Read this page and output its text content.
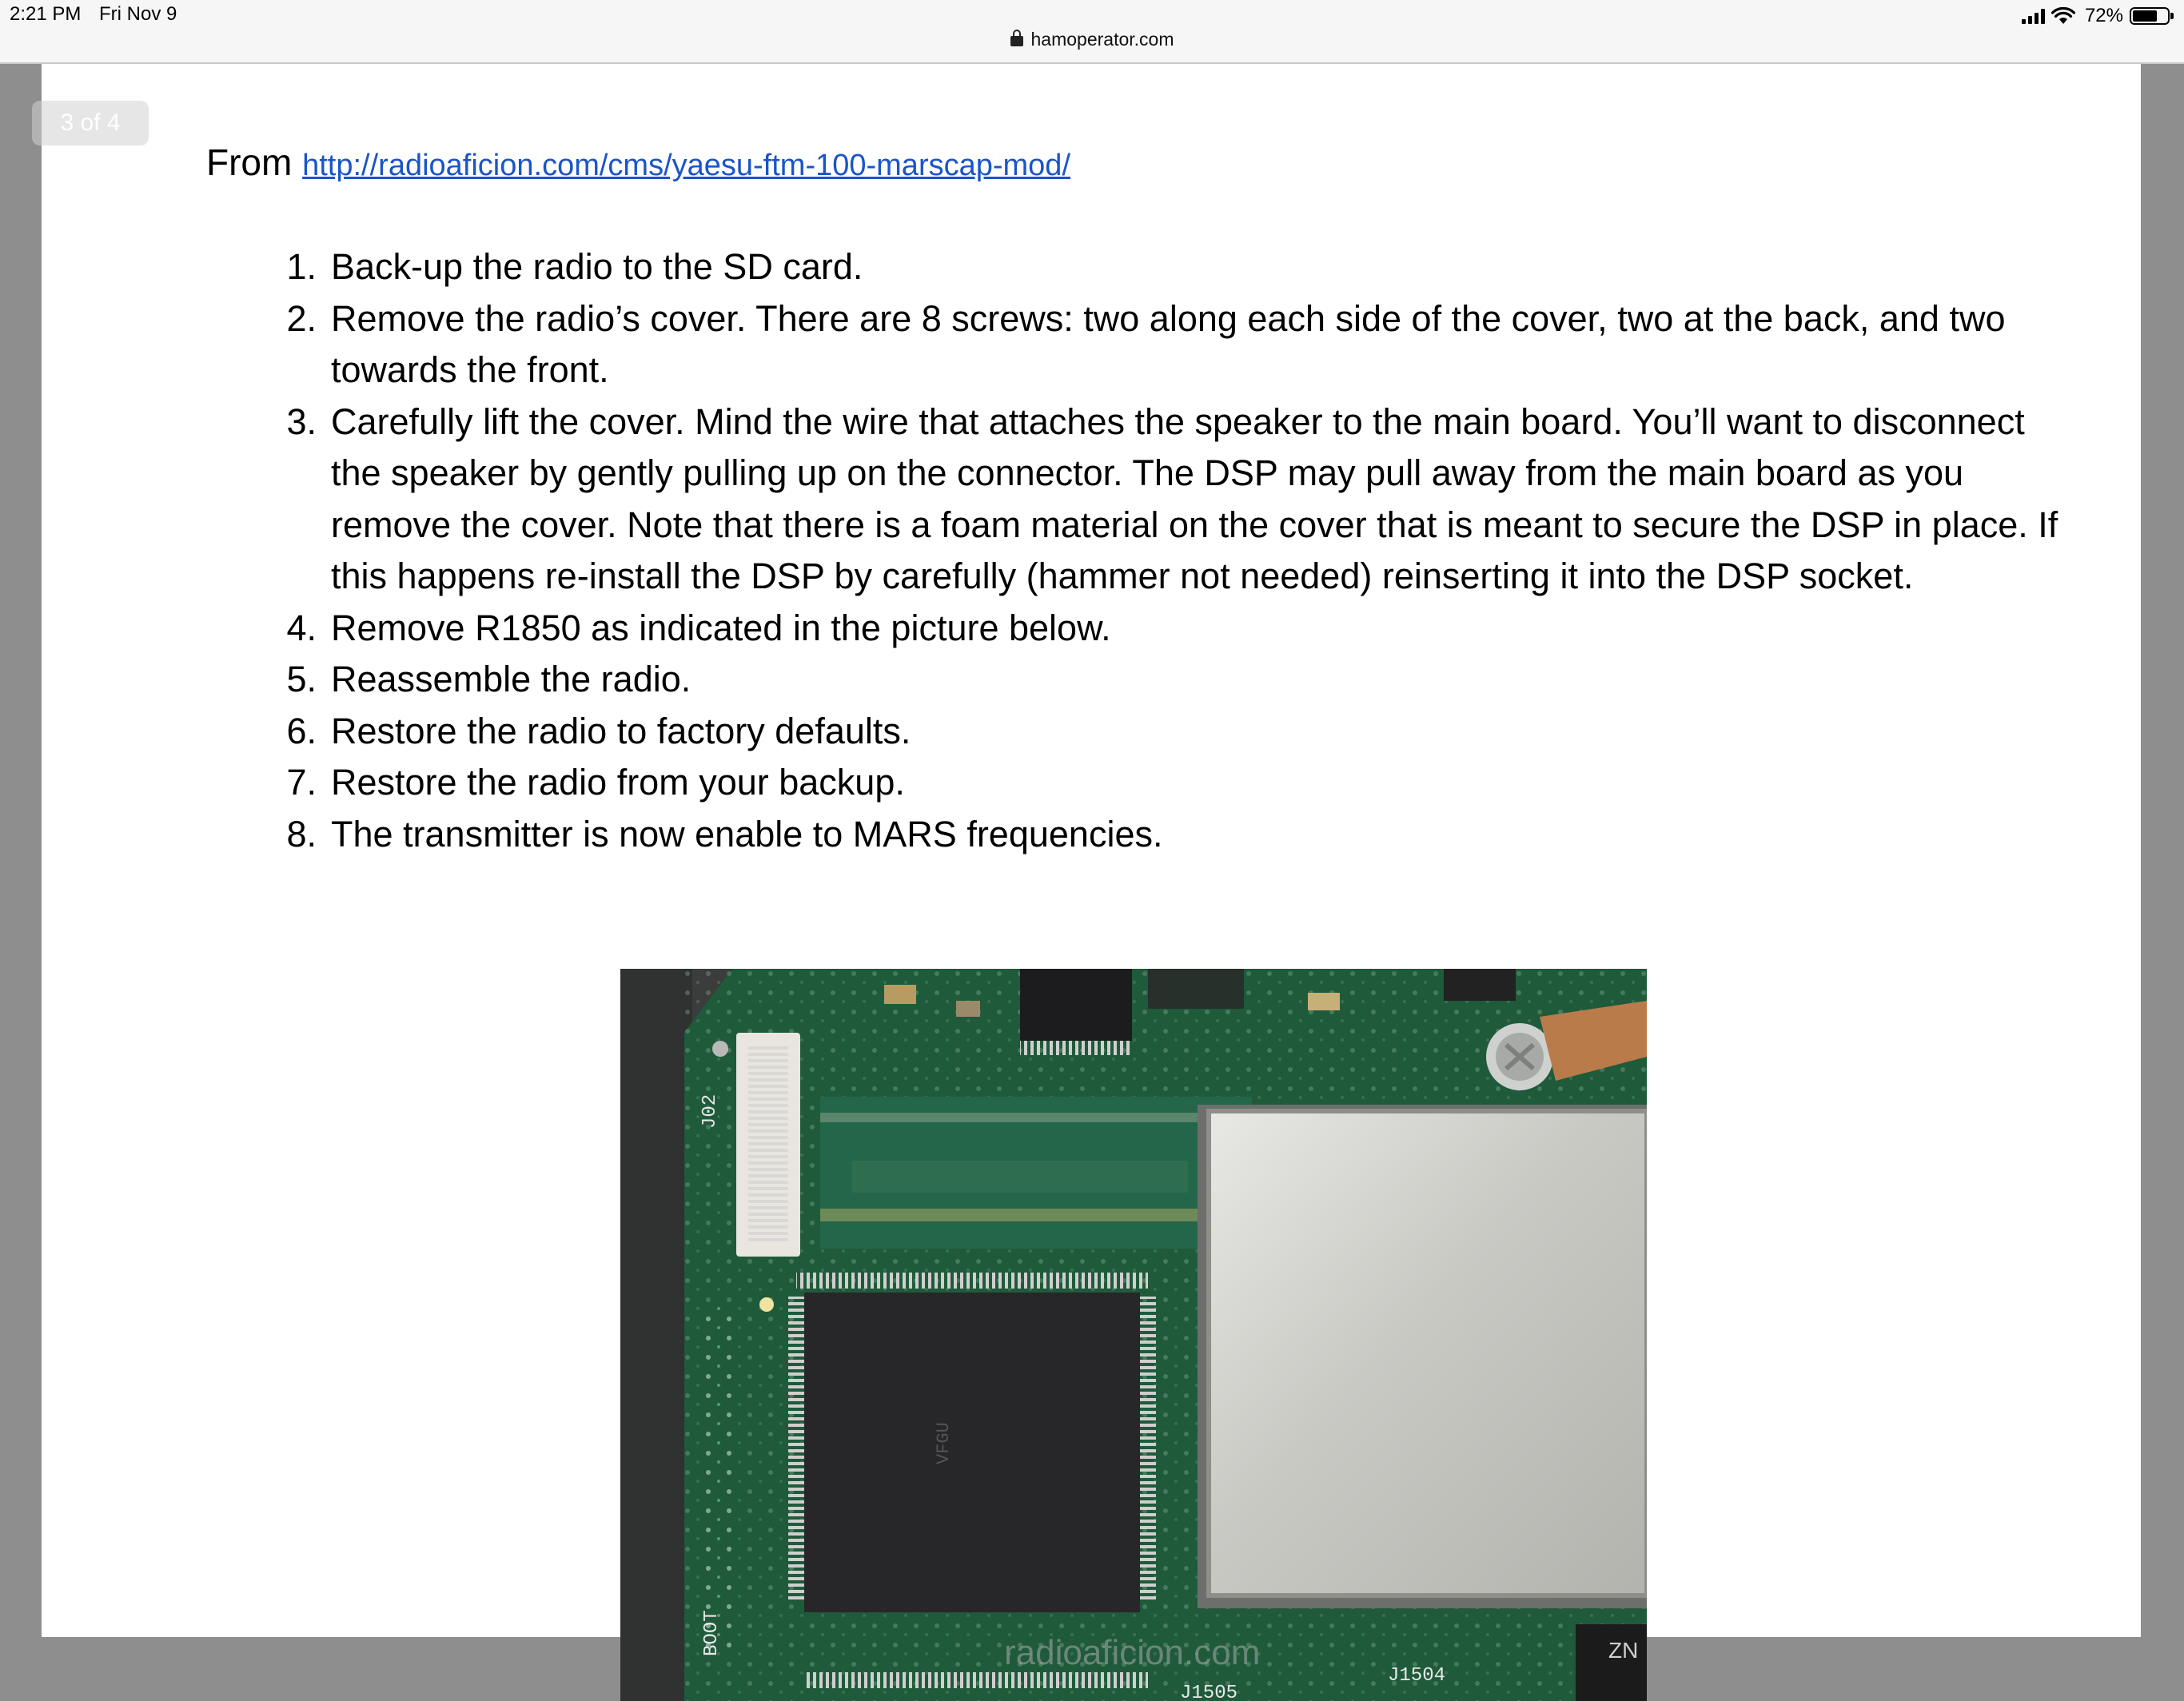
2:21 PM Fri Nov 9	72%
hamoperator.com
From http://radioaficion.com/cms/yaesu-ftm-100-marscap-mod/
1. Back-up the radio to the SD card.
2. Remove the radio’s cover. There are 8 screws: two along each side of the cover, two at the back, and two towards the front.
3. Carefully lift the cover. Mind the wire that attaches the speaker to the main board. You’ll want to disconnect the speaker by gently pulling up on the connector. The DSP may pull away from the main board as you remove the cover. Note that there is a foam material on the cover that is meant to secure the DSP in place. If this happens re-install the DSP by carefully (hammer not needed) reinserting it into the DSP socket.
4. Remove R1850 as indicated in the picture below.
5. Reassemble the radio.
6. Restore the radio to factory defaults.
7. Restore the radio from your backup.
8. The transmitter is now enable to MARS frequencies.
J02
VFGU
BOOT	radioaficion.com
J1504
J1505
ZN
3 of 4
